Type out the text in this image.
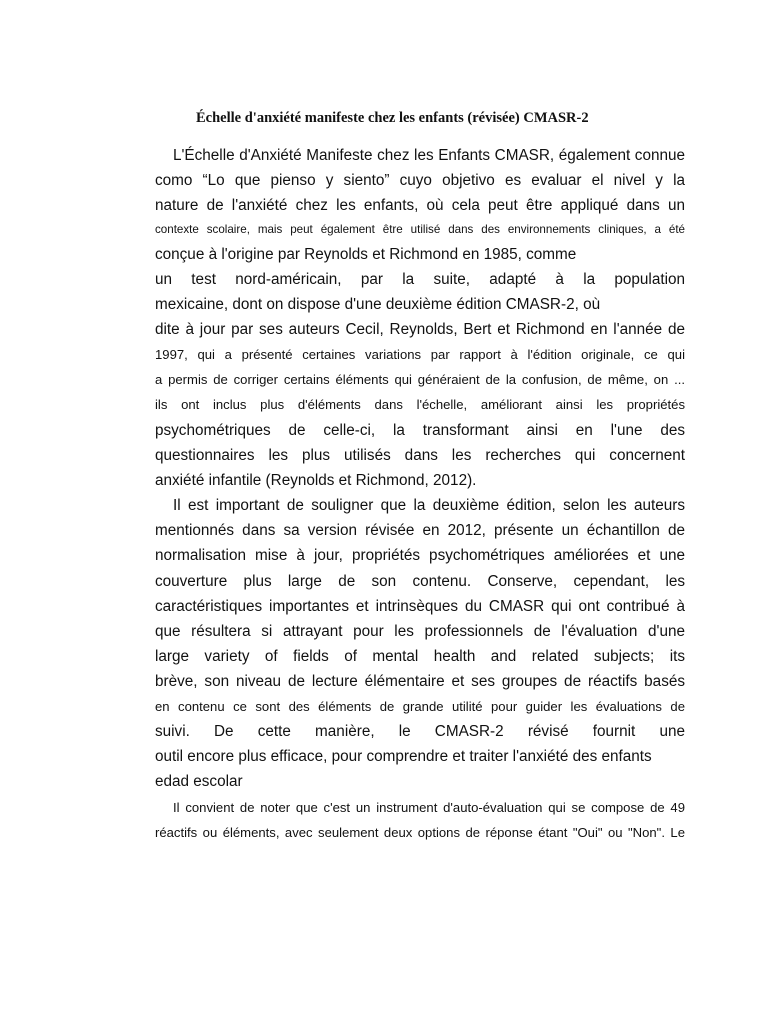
Échelle d'anxiété manifeste chez les enfants (révisée) CMASR-2
L'Échelle d'Anxiété Manifeste chez les Enfants CMASR, également connue
como “Lo que pienso y siento” cuyo objetivo es evaluar el nivel y la
nature de l'anxiété chez les enfants, où cela peut être appliqué dans un
contexte scolaire, mais peut également être utilisé dans des environnements cliniques, a été
conçue à l'origine par Reynolds et Richmond en 1985, comme
un test nord-américain, par la suite, adapté à la population
mexicaine, dont on dispose d'une deuxième édition CMASR-2, où
dite à jour par ses auteurs Cecil, Reynolds, Bert et Richmond en l'année de
1997, qui a présenté certaines variations par rapport à l'édition originale, ce qui
a permis de corriger certains éléments qui généraient de la confusion, de même, on ...
ils ont inclus plus d'éléments dans l'échelle, améliorant ainsi les propriétés
psychométriques de celle-ci, la transformant ainsi en l'une des
questionnaires les plus utilisés dans les recherches qui concernent
anxiété infantile (Reynolds et Richmond, 2012).
Il est important de souligner que la deuxième édition, selon les auteurs
mentionnés dans sa version révisée en 2012, présente un échantillon de
normalisation mise à jour, propriétés psychométriques améliorées et une
couverture plus large de son contenu. Conserve, cependant, les
caractéristiques importantes et intrinsèques du CMASR qui ont contribué à
que résultera si attrayant pour les professionnels de l'évaluation d'une
large variety of fields of mental health and related subjects; its
brève, son niveau de lecture élémentaire et ses groupes de réactifs basés
en contenu ce sont des éléments de grande utilité pour guider les évaluations de
suivi. De cette manière, le CMASR-2 révisé fournit une
outil encore plus efficace, pour comprendre et traiter l'anxiété des enfants
edad escolar
Il convient de noter que c'est un instrument d'auto-évaluation qui se compose de 49
réactifs ou éléments, avec seulement deux options de réponse étant "Oui" ou "Non". Le
